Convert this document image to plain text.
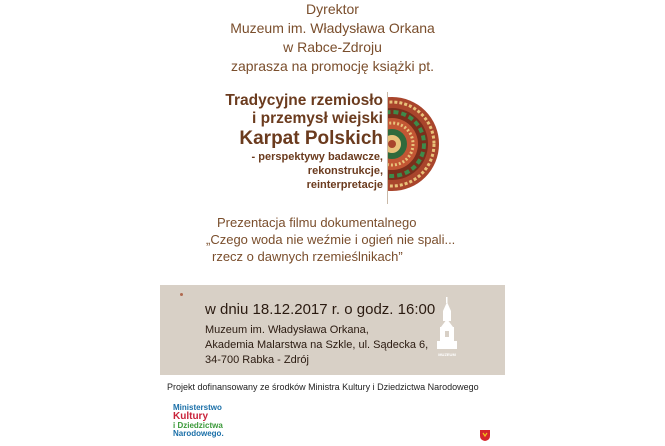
Dyrektor
Muzeum im. Władysława Orkana
w Rabce-Zdroju
zaprasza na promocję książki pt.
Tradycyjne rzemiosło
i przemysł wiejski
Karpat Polskich
- perspektywy badawcze,
rekonstrukcje,
reinterpretacje
Prezentacja filmu dokumentalnego
„Czego woda nie weźmie i ogień nie spali...
rzecz o dawnych rzemieślnikach”
w dniu 18.12.2017 r. o godz. 16:00
Muzeum im. Władysława Orkana,
Akademia Malarstwa na Szkle, ul. Sądecka 6,
34-700 Rabka - Zdrój	MUZEUM
Projekt dofinansowany ze środków Ministra Kultury i Dziedzictwa Narodowego
Ministerstwo
Kultury
i Dziedzictwa
Narodowego.
